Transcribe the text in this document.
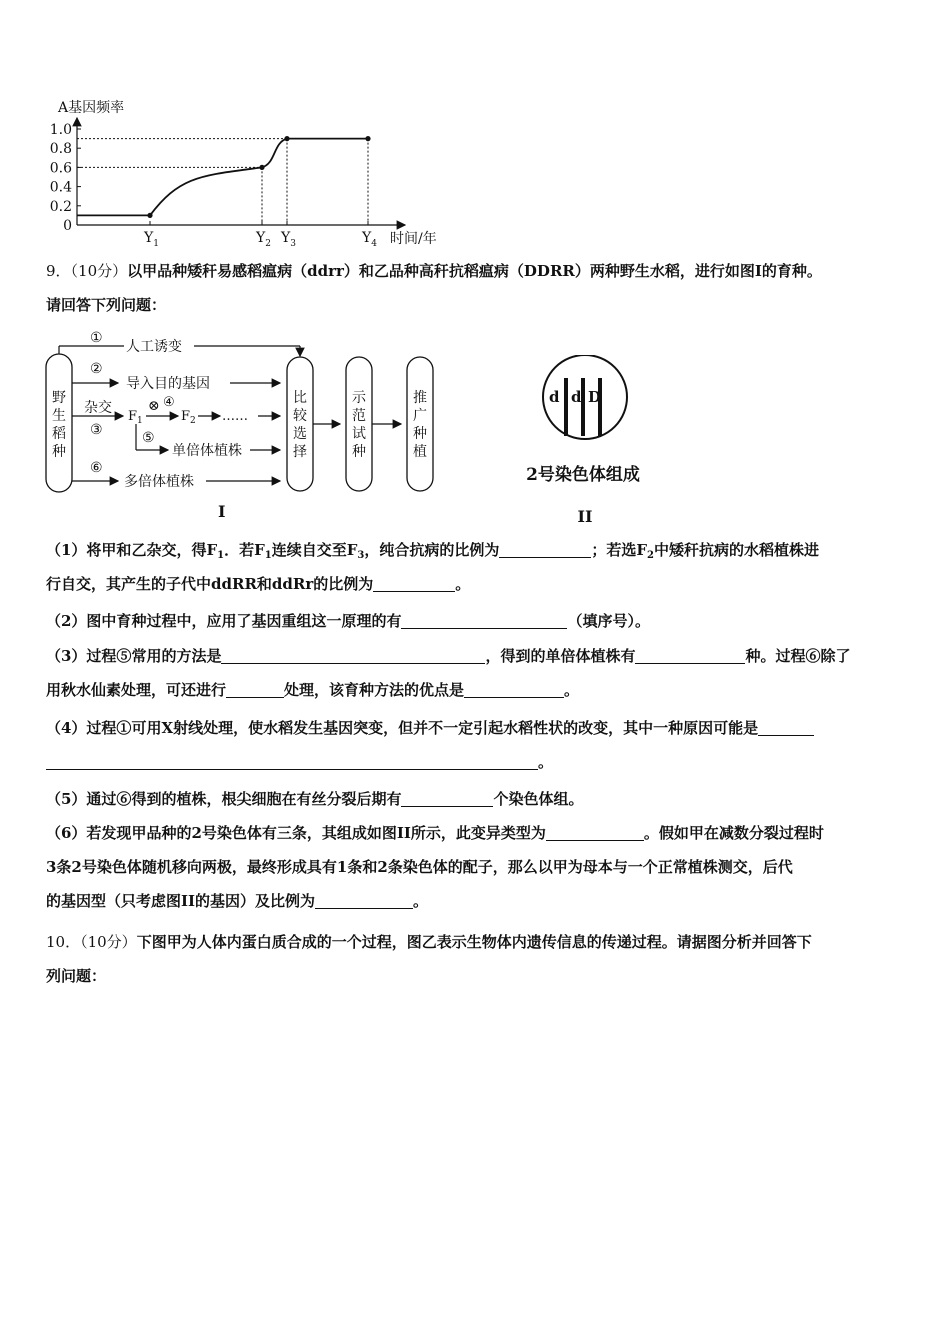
A基因频率
0
0.2
0.4
0.6
0.8
1.0
$Y_1$	$Y_2$ $Y_3$	$Y_4$ 时间/年

9．（10分）以甲品种矮秆易感稻瘟病（ddrr）和乙品种高秆抗稻瘟病（DDRR）两种野生水稻，进行如图I的育种。
请回答下列问题：

野生稻种
①
人工诱变
②
导入目的基因
杂交
③
$F_1$
⊗ ④
$F_2$ ……
⑤
单倍体植株
⑥
多倍体植株
比较选择
示范试种
推广种植
I
d d D
2号染色体组成
II

（1）将甲和乙杂交，得$F_1$．若$F_1$连续自交至$F_3$，纯合抗病的比例为	；若选$F_2$中矮秆抗病的水稻植株进
行自交，其产生的子代中ddRR和ddRr的比例为	。

（2）图中育种过程中，应用了基因重组这一原理的有	（填序号）。

（3）过程⑤常用的方法是	，得到的单倍体植株有	种。过程⑥除了
用秋水仙素处理，可还进行	处理，该育种方法的优点是	。

（4）过程①可用X射线处理，使水稻发生基因突变，但并不一定引起水稻性状的改变，其中一种原因可能是
。

（5）通过⑥得到的植株，根尖细胞在有丝分裂后期有	个染色体组。

（6）若发现甲品种的2号染色体有三条，其组成如图II所示，此变异类型为	。假如甲在减数分裂过程时
3条2号染色体随机移向两极，最终形成具有1条和2条染色体的配子，那么以甲为母本与一个正常植株测交，后代
的基因型（只考虑图II的基因）及比例为	。

10．（10分）下图甲为人体内蛋白质合成的一个过程，图乙表示生物体内遗传信息的传递过程。请据图分析并回答下
列问题：
